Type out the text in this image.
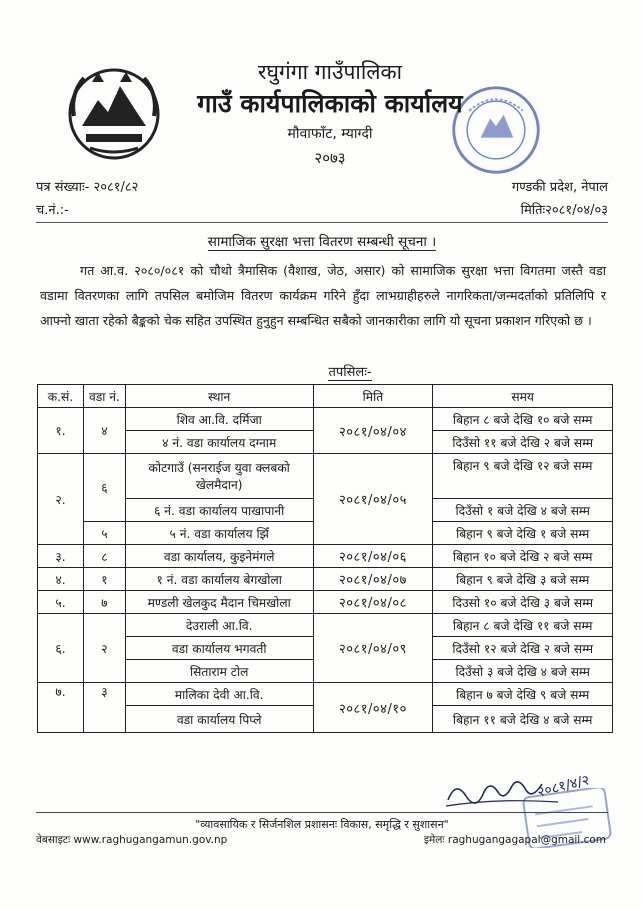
रघुगंगा गाउँपालिका
गाउँ कार्यपालिकाको कार्यालय
मौवाफाँट, म्याग्दी
२०७३
पत्र संख्याः- २०८१/८२
च.नं.:-
गण्डकी प्रदेश, नेपाल
मितिः२०८१/०४/०३
सामाजिक सुरक्षा भत्ता वितरण सम्बन्धी सूचना ।
गत आ.व. २०८०/०८१ को चौथो त्रैमासिक (वैशाख, जेठ, असार) को सामाजिक सुरक्षा भत्ता विगतमा जस्तै वडा वडामा वितरणका लागि तपसिल बमोजिम वितरण कार्यक्रम गरिने हुँदा लाभग्राहीहरुले नागरिकता/जन्मदर्ताको प्रतिलिपि र आफ्नो खाता रहेको बैङ्कको चेक सहित उपस्थित हुनुहुन सम्बन्धित सबैको जानकारीका लागि यो सूचना प्रकाशन गरिएको छ ।
तपसिलः-
क.सं.	वडा नं.	स्थान	मिति	समय
१.	४	शिव आ.वि. दर्मिजा	२०८१/०४/०४	बिहान ८ बजे देखि १० बजे सम्म
		४ नं. वडा कार्यालय दग्नाम		दिउँसो ११ बजे देखि २ बजे सम्म
२.	६	कोटगाउँ (सनराईज युवा क्लबको खेलमैदान)	२०८१/०४/०५	बिहान ९ बजे देखि १२ बजे सम्म
		६ नं. वडा कार्यालय पाखापानी		दिउँसो १ बजे देखि ४ बजे सम्म
	५	५ नं. वडा कार्यालय झिँ		बिहान ९ बजे देखि १ बजे सम्म
३.	८	वडा कार्यालय, कुइनेमंगले	२०८१/०४/०६	बिहान १० बजे देखि २ बजे सम्म
४.	१	१ नं. वडा कार्यालय बेगखोला	२०८१/०४/०७	बिहान ९ बजे देखि ३ बजे सम्म
५.	७	मण्डली खेलकुद मैदान चिमखोला	२०८१/०४/०८	दिउसो १० बजे देखि ३ बजे सम्म
६.	२	देउराली आ.वि.	२०८१/०४/०९	बिहान ८ बजे देखि ११ बजे सम्म
		वडा कार्यालय भगवती		दिउँसो १२ बजे देखि २ बजे सम्म
		सिताराम टोल		दिउँसो ३ बजे देखि ४ बजे सम्म
७.	३	मालिका देवी आ.वि.	२०८१/०४/१०	बिहान ७ बजे देखि ९ बजे सम्म
		वडा कार्यालय पिप्ले		बिहान ११ बजे देखि ४ बजे सम्म
२०८१/४/२
"व्यावसायिक र सिर्जनशिल प्रशासनः विकास, समृद्धि र सुशासन"
वेबसाइटः www.raghugangamun.gov.np	इमेलः raghugangagapal@gmail.com
